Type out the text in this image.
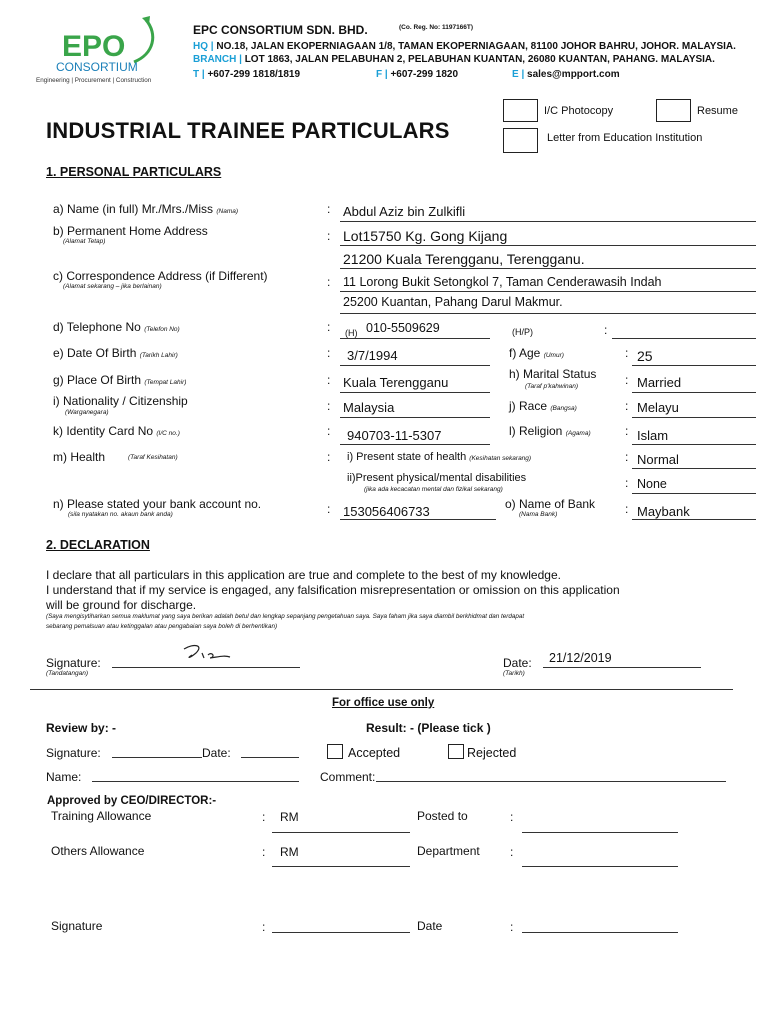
EPO
CONSORTIUM
Engineering | Procurement | Construction
EPC CONSORTIUM SDN. BHD.	(Co. Reg. No: 1197166T)
HQ | NO.18, JALAN EKOPERNIAGAAN 1/8, TAMAN EKOPERNIAGAAN, 81100 JOHOR BAHRU, JOHOR. MALAYSIA.
BRANCH | LOT 1863, JALAN PELABUHAN 2, PELABUHAN KUANTAN, 26080 KUANTAN, PAHANG. MALAYSIA.
T | +607-299 1818/1819	F | +607-299 1820	E | sales@mpport.com
INDUSTRIAL TRAINEE PARTICULARS
I/C Photocopy	Resume
Letter from Education Institution
1. PERSONAL PARTICULARS
a) Name (in full) Mr./Mrs./Miss (Nama)	: Abdul Aziz bin Zulkifli
b) Permanent Home Address
(Alamat Tetap)	: Lot15750 Kg. Gong Kijang
21200 Kuala Terengganu, Terengganu.
c) Correspondence Address (if Different)
(Alamat sekarang – jika berlainan)	: 11 Lorong Bukit Setongkol 7, Taman Cenderawasih Indah
25200 Kuantan, Pahang Darul Makmur.
d) Telephone No (Telefon No)	: (H) 010-5509629	(H/P)	:
e) Date Of Birth (Tarikh Lahir)	: 3/7/1994	f) Age (Umur)	: 25
g) Place Of Birth (Tempat Lahir)	: Kuala Terengganu
h) Marital Status
(Taraf p'kahwinan)	: Married
i) Nationality / Citizenship
(Warganegara)	: Malaysia	j) Race (Bangsa)	: Melayu
k) Identity Card No (I/C no.)	: 940703-11-5307	l) Religion (Agama)	: Islam
m) Health	(Taraf Kesihatan)	: i) Present state of health (Kesihatan sekarang)	: Normal
ii)Present physical/mental disabilities
(jika ada kecacatan mental dan fizikal sekarang)	: None
n) Please stated your bank account no.
(sila nyatakan no. akaun bank anda)	: 153056406733	o) Name of Bank
(Nama Bank)	: Maybank
2. DECLARATION
I declare that all particulars in this application are true and complete to the best of my knowledge.
I understand that if my service is engaged, any falsification misrepresentation or omission on this application
will be ground for discharge.
(Saya mengisytiharkan semua maklumat yang saya berikan adalah betul dan lengkap sepanjang pengetahuan saya. Saya faham jika saya diambil berkhidmat dan terdapat
sebarang pemalsuan atau ketinggalan atau pengabaian saya boleh di berhentikan)
Signature:
(Tandatangan)
Date:
(Tarikh)
21/12/2019
For office use only
Review by: -	Result: - (Please tick )
Signature:	Date:	Accepted	Rejected
Name:	Comment:
Approved by CEO/DIRECTOR:-
Training Allowance	: RM	Posted to	:
Others Allowance	: RM	Department	:
Signature	:	Date	:
